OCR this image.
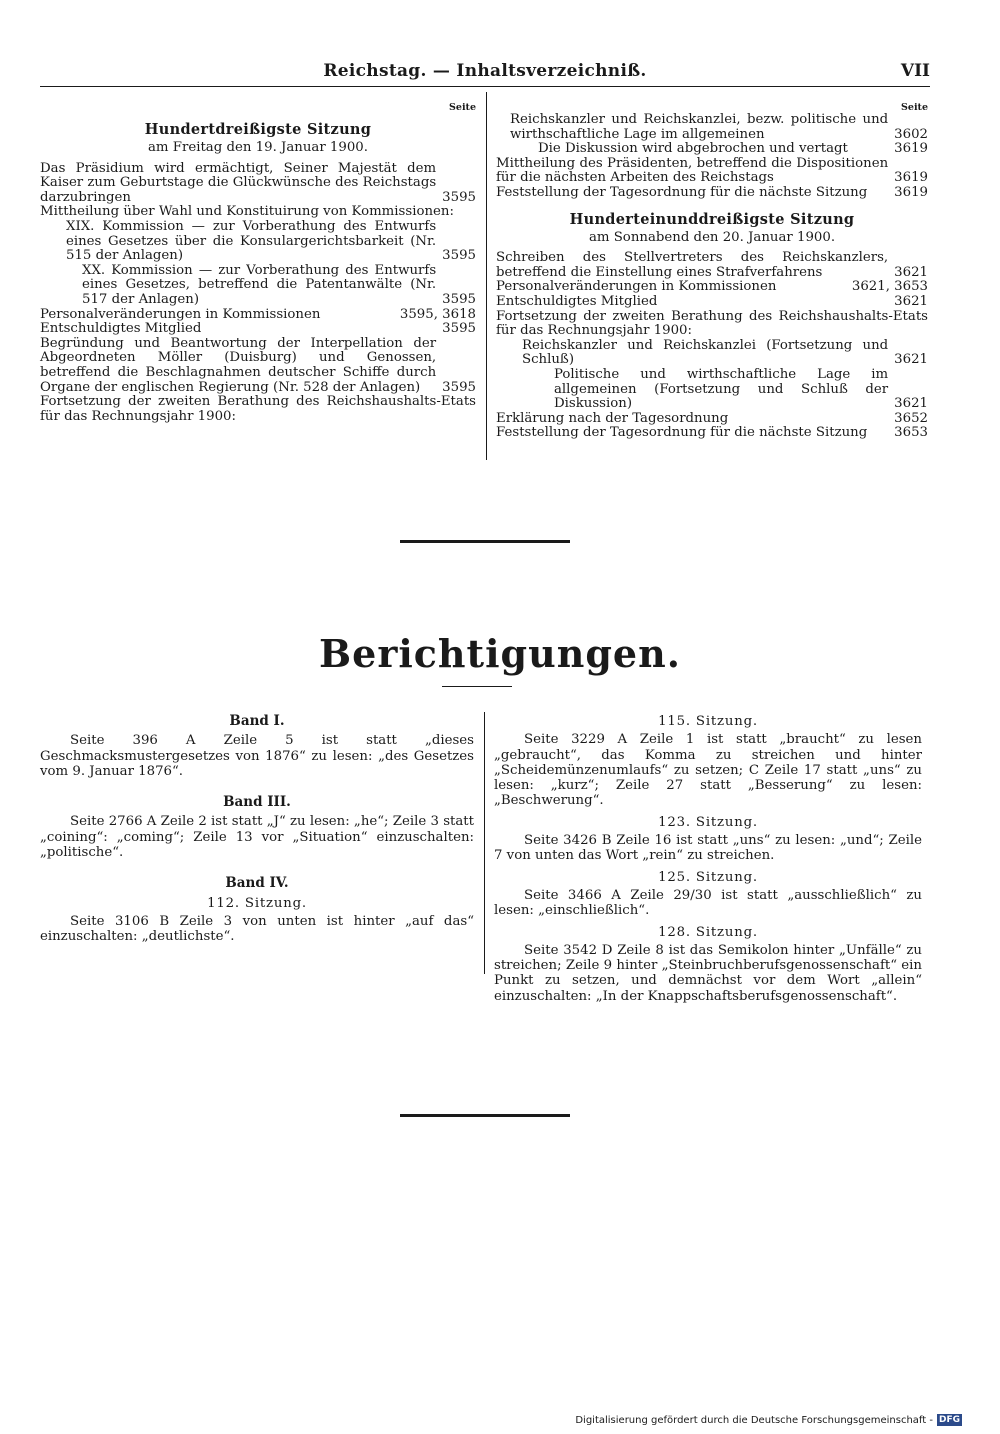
Reichstag. — Inhaltsverzeichniß.	VII
Seite
Hundertdreißigste Sitzung
am Freitag den 19. Januar 1900.
Das Präsidium wird ermächtigt, Seiner Majestät dem Kaiser zum Geburtstage die Glückwünsche des Reichstags darzubringen	3595
Mittheilung über Wahl und Konstituirung von Kommissionen:
XIX. Kommission — zur Vorberathung des Entwurfs eines Gesetzes über die Konsulargerichtsbarkeit (Nr. 515 der Anlagen)	3595
XX. Kommission — zur Vorberathung des Entwurfs eines Gesetzes, betreffend die Patentanwälte (Nr. 517 der Anlagen)	3595
Personalveränderungen in Kommissionen	3595, 3618
Entschuldigtes Mitglied	3595
Begründung und Beantwortung der Interpellation der Abgeordneten Möller (Duisburg) und Genossen, betreffend die Beschlagnahmen deutscher Schiffe durch Organe der englischen Regierung (Nr. 528 der Anlagen)	3595
Fortsetzung der zweiten Berathung des Reichshaushalts-Etats für das Rechnungsjahr 1900:
Seite
Reichskanzler und Reichskanzlei, bezw. politische und wirthschaftliche Lage im allgemeinen	3602
Die Diskussion wird abgebrochen und vertagt	3619
Mittheilung des Präsidenten, betreffend die Dispositionen für die nächsten Arbeiten des Reichstags	3619
Feststellung der Tagesordnung für die nächste Sitzung	3619
Hunderteinunddreißigste Sitzung
am Sonnabend den 20. Januar 1900.
Schreiben des Stellvertreters des Reichskanzlers, betreffend die Einstellung eines Strafverfahrens	3621
Personalveränderungen in Kommissionen	3621, 3653
Entschuldigtes Mitglied	3621
Fortsetzung der zweiten Berathung des Reichshaushalts-Etats für das Rechnungsjahr 1900:
Reichskanzler und Reichskanzlei (Fortsetzung und Schluß)	3621
Politische und wirthschaftliche Lage im allgemeinen (Fortsetzung und Schluß der Diskussion)	3621
Erklärung nach der Tagesordnung	3652
Feststellung der Tagesordnung für die nächste Sitzung	3653
Berichtigungen.
Band I.

Seite 396 A Zeile 5 ist statt „dieses Geschmacksmustergesetzes von 1876“ zu lesen: „des Gesetzes vom 9. Januar 1876“.

Band III.

Seite 2766 A Zeile 2 ist statt „J“ zu lesen: „he“; Zeile 3 statt „coining“: „coming“; Zeile 13 vor „Situation“ einzuschalten: „politische“.

Band IV.
112. Sitzung.

Seite 3106 B Zeile 3 von unten ist hinter „auf das“ einzuschalten: „deutlichste“.

115. Sitzung.

Seite 3229 A Zeile 1 ist statt „braucht“ zu lesen „gebraucht“, das Komma zu streichen und hinter „Scheidemünzenumlaufs“ zu setzen; C Zeile 17 statt „uns“ zu lesen: „kurz“; Zeile 27 statt „Besserung“ zu lesen: „Beschwerung“.

123. Sitzung.

Seite 3426 B Zeile 16 ist statt „uns“ zu lesen: „und“; Zeile 7 von unten das Wort „rein“ zu streichen.

125. Sitzung.

Seite 3466 A Zeile 29/30 ist statt „ausschließlich“ zu lesen: „einschließlich“.

128. Sitzung.

Seite 3542 D Zeile 8 ist das Semikolon hinter „Unfälle“ zu streichen; Zeile 9 hinter „Steinbruchberufsgenossenschaft“ ein Punkt zu setzen, und demnächst vor dem Wort „allein“ einzuschalten: „In der Knappschaftsberufsgenossenschaft“.

Digitalisierung gefördert durch die Deutsche Forschungsgemeinschaft - DFG
